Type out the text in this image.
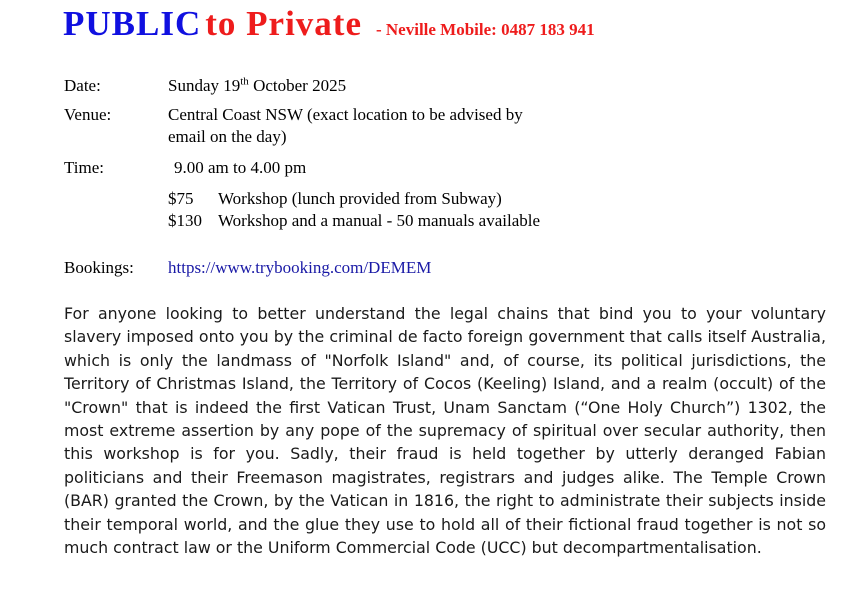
PUBLIC to Private - Neville Mobile: 0487 183 941
Date:	Sunday 19th October 2025
Venue:	Central Coast NSW (exact location to be advised by
email on the day)
Time:	9.00 am to 4.00 pm
$75 Workshop (lunch provided from Subway)
$130 Workshop and a manual - 50 manuals available
Bookings: https://www.trybooking.com/DEMEM

For anyone looking to better understand the legal chains that bind you to your voluntary slavery imposed onto you by the criminal de facto foreign government that calls itself Australia, which is only the landmass of "Norfolk Island" and, of course, its political jurisdictions, the Territory of Christmas Island, the Territory of Cocos (Keeling) Island, and a realm (occult) of the "Crown" that is indeed the first Vatican Trust, Unam Sanctam (“One Holy Church”) 1302, the most extreme assertion by any pope of the supremacy of spiritual over secular authority, then this workshop is for you. Sadly, their fraud is held together by utterly deranged Fabian politicians and their Freemason magistrates, registrars and judges alike. The Temple Crown (BAR) granted the Crown, by the Vatican in 1816, the right to administrate their subjects inside their temporal world, and the glue they use to hold all of their fictional fraud together is not so much contract law or the Uniform Commercial Code (UCC) but decompartmentalisation.
